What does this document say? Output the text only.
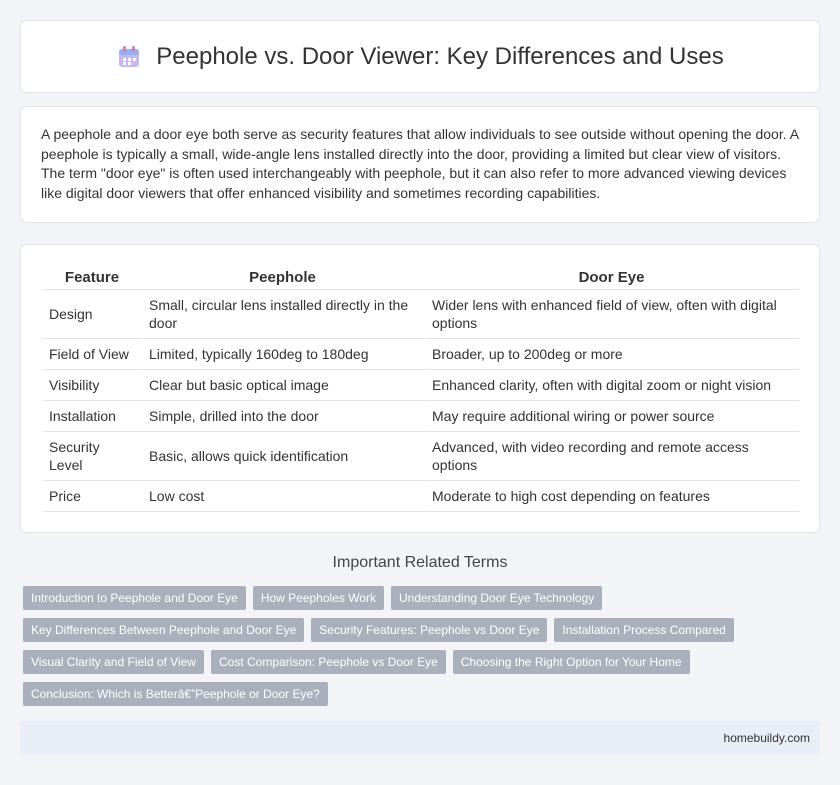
Peephole vs. Door Viewer: Key Differences and Uses

A peephole and a door eye both serve as security features that allow individuals to see outside without opening the door. A peephole is typically a small, wide-angle lens installed directly into the door, providing a limited but clear view of visitors. The term "door eye" is often used interchangeably with peephole, but it can also refer to more advanced viewing devices like digital door viewers that offer enhanced visibility and sometimes recording capabilities.

Feature	Peephole	Door Eye
Design	Small, circular lens installed directly in the door	Wider lens with enhanced field of view, often with digital options
Field of View	Limited, typically 160deg to 180deg	Broader, up to 200deg or more
Visibility	Clear but basic optical image	Enhanced clarity, often with digital zoom or night vision
Installation	Simple, drilled into the door	May require additional wiring or power source
Security Level	Basic, allows quick identification	Advanced, with video recording and remote access options
Price	Low cost	Moderate to high cost depending on features
Important Related Terms
Introduction to Peephole and Door Eye	How Peepholes Work	Understanding Door Eye Technology
Key Differences Between Peephole and Door Eye	Security Features: Peephole vs Door Eye	Installation Process Compared
Visual Clarity and Field of View	Cost Comparison: Peephole vs Door Eye	Choosing the Right Option for Your Home
Conclusion: Which is Betterâ€”Peephole or Door Eye?
homebuildy.com
